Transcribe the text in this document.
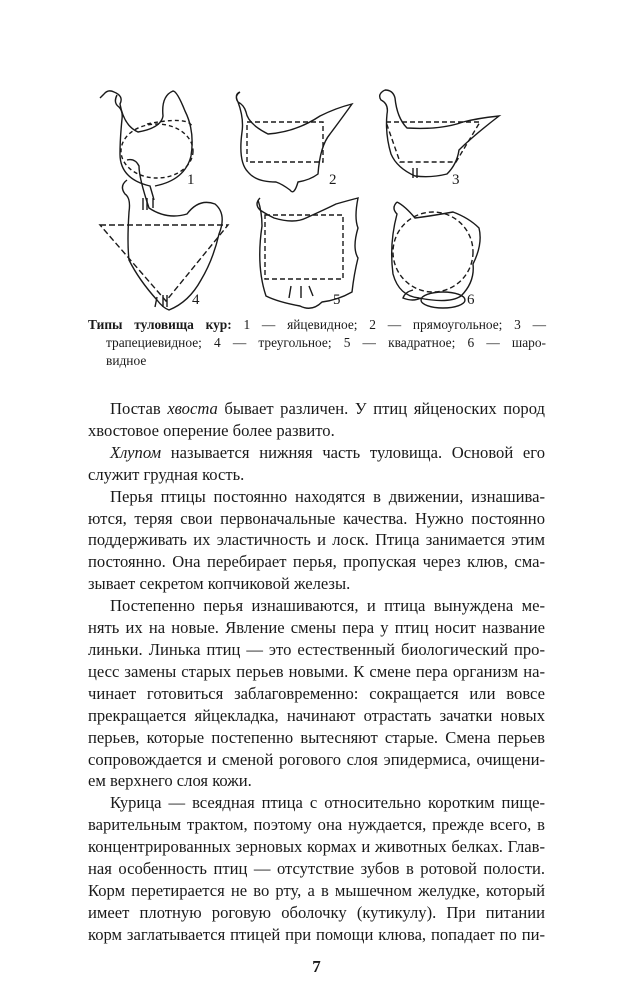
1	2	3
4	5	6
Типы туловища кур: 1 — яйцевидное; 2 — прямоугольное; 3 —
трапециевидное; 4 — треугольное; 5 — квадратное; 6 — шаро-
видное
Постав хвоста бывает различен. У птиц яйценоских пород
хвостовое оперение более развито.
Хлупом называется нижняя часть туловища. Основой его
служит грудная кость.
Перья птицы постоянно находятся в движении, изнашива-
ются, теряя свои первоначальные качества. Нужно постоянно
поддерживать их эластичность и лоск. Птица занимается этим
постоянно. Она перебирает перья, пропуская через клюв, сма-
зывает секретом копчиковой железы.
Постепенно перья изнашиваются, и птица вынуждена ме-
нять их на новые. Явление смены пера у птиц носит название
линьки. Линька птиц — это естественный биологический про-
цесс замены старых перьев новыми. К смене пера организм на-
чинает готовиться заблаговременно: сокращается или вовсе
прекращается яйцекладка, начинают отрастать зачатки новых
перьев, которые постепенно вытесняют старые. Смена перьев
сопровождается и сменой рогового слоя эпидермиса, очищени-
ем верхнего слоя кожи.
Курица — всеядная птица с относительно коротким пище-
варительным трактом, поэтому она нуждается, прежде всего, в
концентрированных зерновых кормах и животных белках. Глав-
ная особенность птиц — отсутствие зубов в ротовой полости.
Корм перетирается не во рту, а в мышечном желудке, который
имеет плотную роговую оболочку (кутикулу). При питании
корм заглатывается птицей при помощи клюва, попадает по пи-
7
